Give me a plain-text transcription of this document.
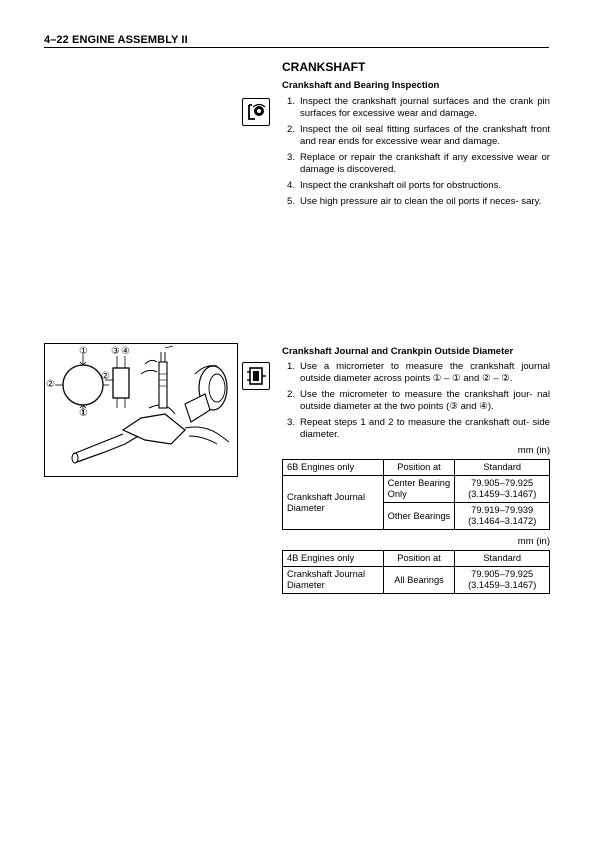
4–22 ENGINE ASSEMBLY II
CRANKSHAFT
Crankshaft and Bearing Inspection
1. Inspect the crankshaft journal surfaces and the crank pin surfaces for excessive wear and damage.
2. Inspect the oil seal fitting surfaces of the crankshaft front and rear ends for excessive wear and damage.
3. Replace or repair the crankshaft if any excessive wear or damage is discovered.
4. Inspect the crankshaft oil ports for obstructions.
5. Use high pressure air to clean the oil ports if neces- sary.
①
①
②
②
③ ④	Crankshaft Journal and Crankpin Outside Diameter
1. Use a micrometer to measure the crankshaft journal outside diameter across points ① – ① and ② – ②.
2. Use the micrometer to measure the crankshaft jour- nal outside diameter at the two points (③ and ④).
3. Repeat steps 1 and 2 to measure the crankshaft out- side diameter.
mm (in)
6B Engines only	Position at	Standard
Crankshaft Journal Diameter	Center Bearing Only	79.905–79.925
(3.1459–3.1467)

	Other Bearings	79.919–79.939
(3.1464–3.1472)
mm (in)
4B Engines only	Position at	Standard
Crankshaft Journal Diameter	All Bearings	79.905–79.925
(3.1459–3.1467)
